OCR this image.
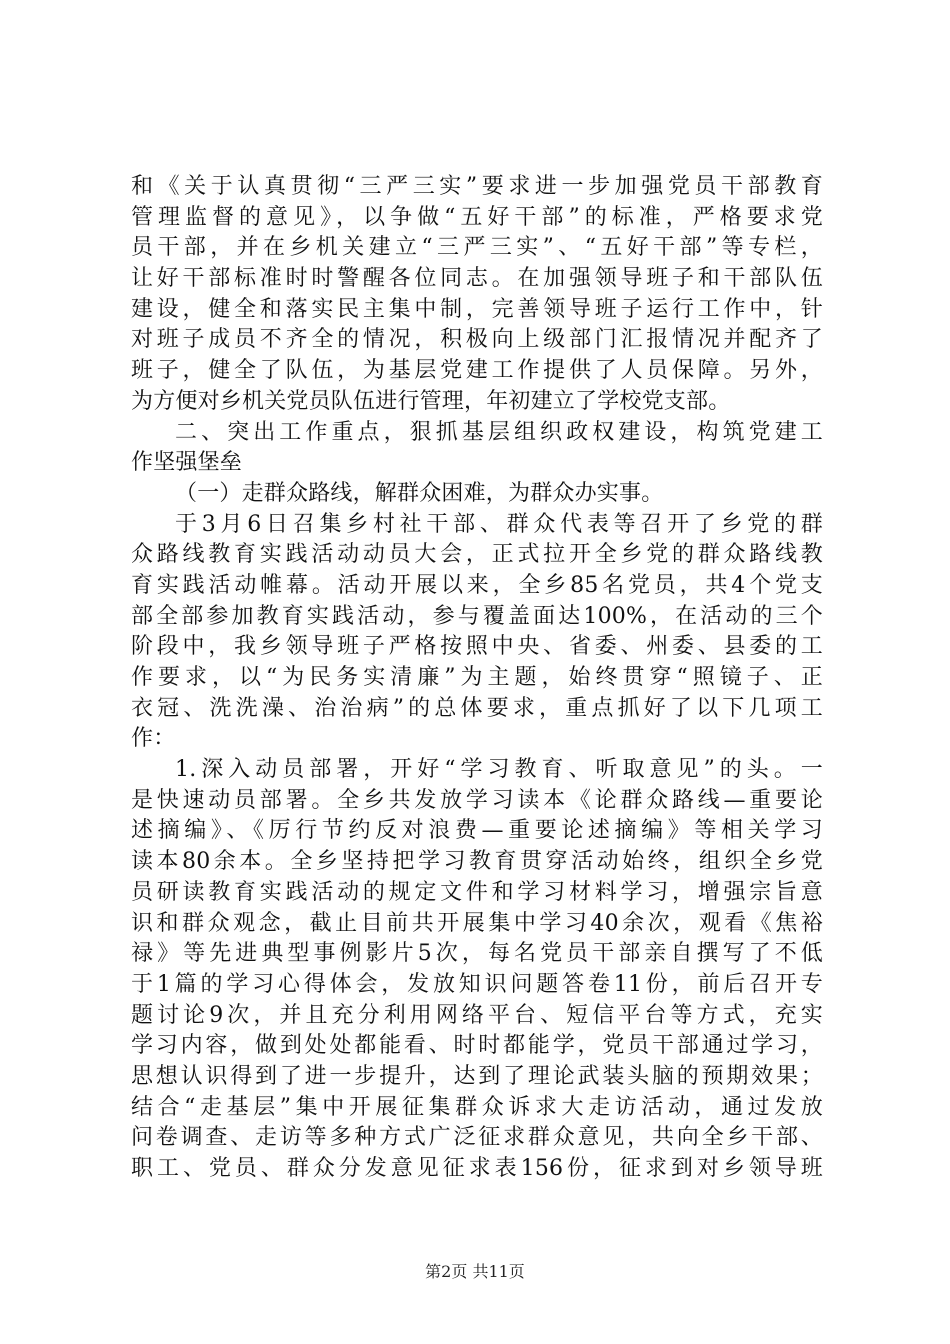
和《关于认真贯彻“三严三实”要求进一步加强党员干部教育
管理监督的意见》，以争做“五好干部”的标准，严格要求党
员干部，并在乡机关建立“三严三实”、“五好干部”等专栏，
让好干部标准时时警醒各位同志。在加强领导班子和干部队伍
建设，健全和落实民主集中制，完善领导班子运行工作中，针
对班子成员不齐全的情况，积极向上级部门汇报情况并配齐了
班子，健全了队伍，为基层党建工作提供了人员保障。另外，
为方便对乡机关党员队伍进行管理，年初建立了学校党支部。
二、突出工作重点，狠抓基层组织政权建设，构筑党建工
作坚强堡垒
（一）走群众路线，解群众困难，为群众办实事。
于3月6日召集乡村社干部、群众代表等召开了乡党的群
众路线教育实践活动动员大会，正式拉开全乡党的群众路线教
育实践活动帷幕。活动开展以来，全乡85名党员，共4个党支
部全部参加教育实践活动，参与覆盖面达100%，在活动的三个
阶段中，我乡领导班子严格按照中央、省委、州委、县委的工
作要求，以“为民务实清廉”为主题，始终贯穿“照镜子、正
衣冠、洗洗澡、治治病”的总体要求，重点抓好了以下几项工
作：
1.深入动员部署，开好“学习教育、听取意见”的头。一
是快速动员部署。全乡共发放学习读本《论群众路线—重要论
述摘编》、《厉行节约反对浪费—重要论述摘编》等相关学习
读本80余本。全乡坚持把学习教育贯穿活动始终，组织全乡党
员研读教育实践活动的规定文件和学习材料学习，增强宗旨意
识和群众观念，截止目前共开展集中学习40余次，观看《焦裕
禄》等先进典型事例影片5次，每名党员干部亲自撰写了不低
于1篇的学习心得体会，发放知识问题答卷11份，前后召开专
题讨论9次，并且充分利用网络平台、短信平台等方式，充实
学习内容，做到处处都能看、时时都能学，党员干部通过学习，
思想认识得到了进一步提升，达到了理论武装头脑的预期效果；
结合“走基层”集中开展征集群众诉求大走访活动，通过发放
问卷调查、走访等多种方式广泛征求群众意见，共向全乡干部、
职工、党员、群众分发意见征求表156份，征求到对乡领导班
第2页 共11页
